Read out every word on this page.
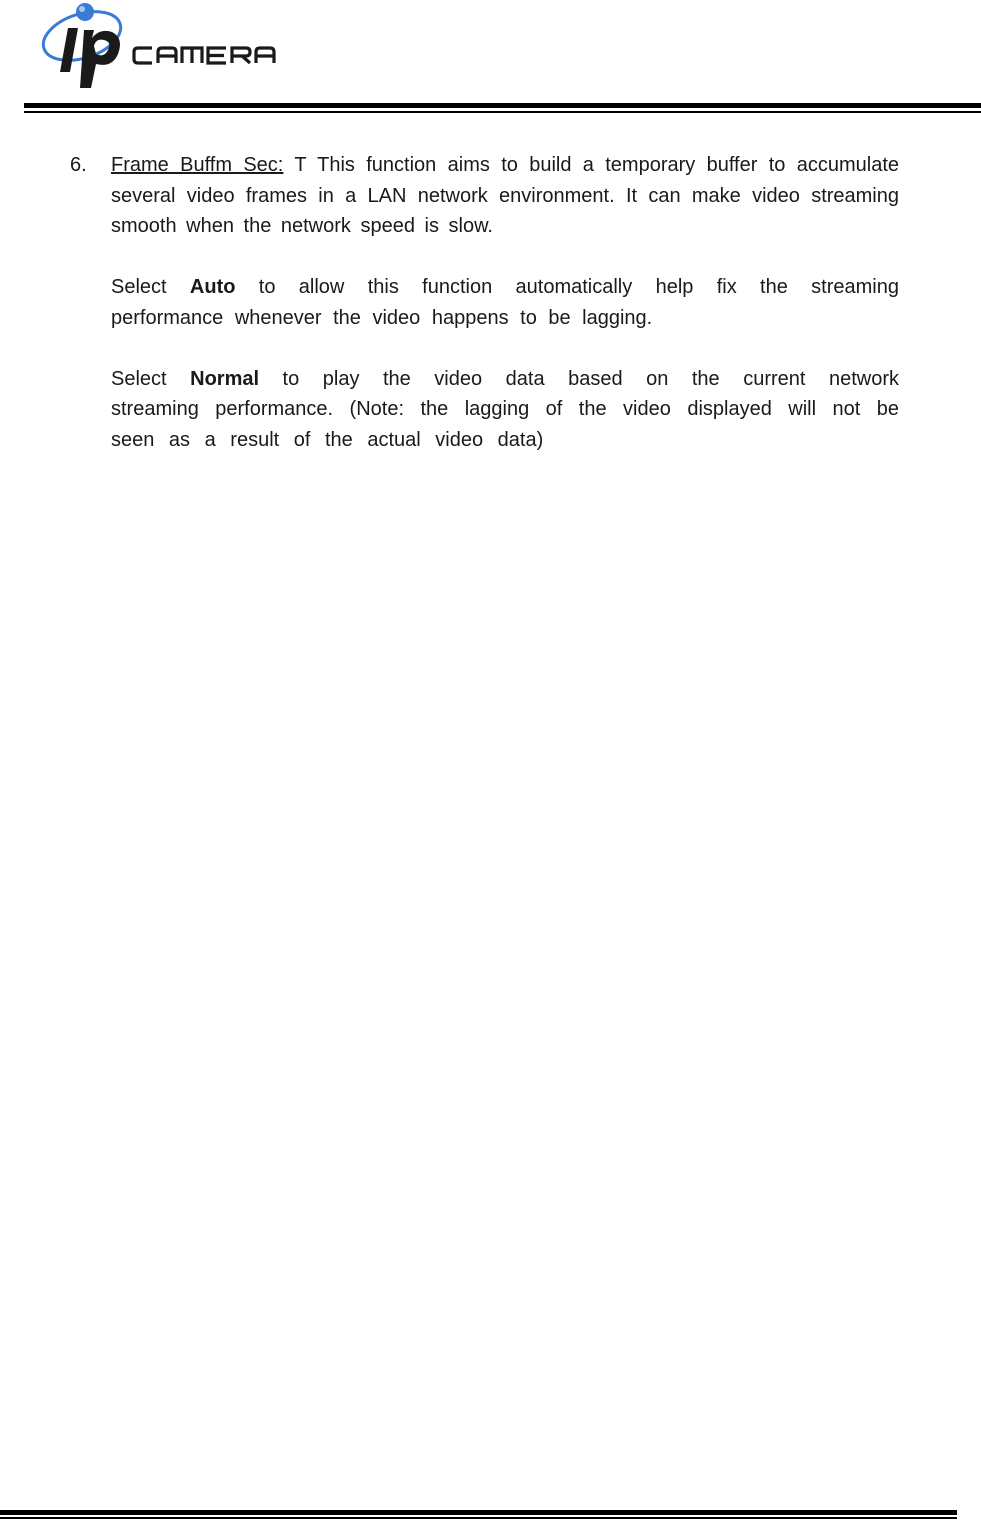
6.	Frame Buffm Sec: T This function aims to build a temporary buffer to accumulate several video frames in a LAN network environment. It can make video streaming smooth when the network speed is slow.

Select Auto to allow this function automatically help fix the streaming performance whenever the video happens to be lagging.

Select Normal to play the video data based on the current network streaming performance. (Note: the lagging of the video displayed will not be seen as a result of the actual video data)
